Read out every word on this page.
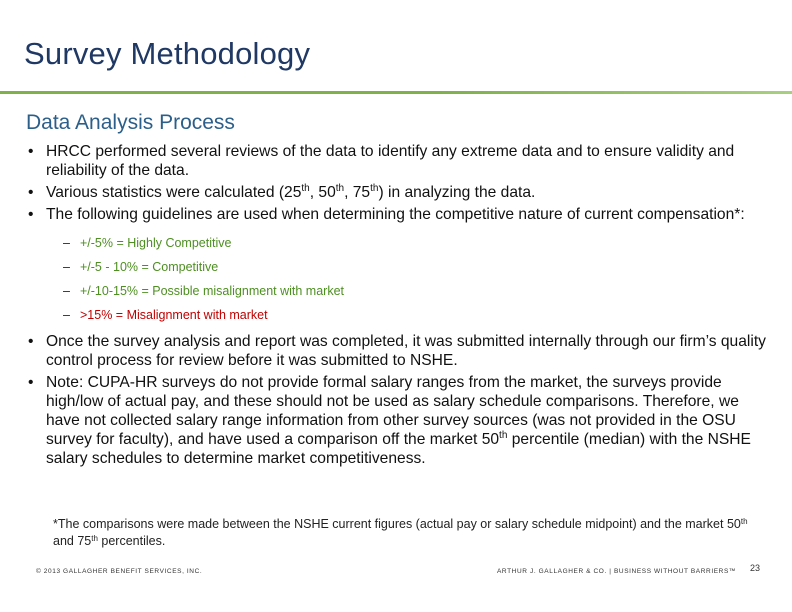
Survey Methodology
Data Analysis Process
• HRCC performed several reviews of the data to identify any extreme data and to ensure validity and reliability of the data.
• Various statistics were calculated (25th, 50th, 75th) in analyzing the data.
• The following guidelines are used when determining the competitive nature of current compensation*:
– +/-5% = Highly Competitive
– +/-5 - 10% = Competitive
– +/-10-15% = Possible misalignment with market
– >15% = Misalignment with market
• Once the survey analysis and report was completed, it was submitted internally through our firm’s quality control process for review before it was submitted to NSHE.
• Note: CUPA-HR surveys do not provide formal salary ranges from the market, the surveys provide high/low of actual pay, and these should not be used as salary schedule comparisons. Therefore, we have not collected salary range information from other survey sources (was not provided in the OSU survey for faculty), and have used a comparison off the market 50th percentile (median) with the NSHE salary schedules to determine market competitiveness.
*The comparisons were made between the NSHE current figures (actual pay or salary schedule midpoint) and the market 50th and 75th percentiles.
© 2013 GALLAGHER BENEFIT SERVICES, INC.	ARTHUR J. GALLAGHER & CO. | BUSINESS WITHOUT BARRIERS™ 23
